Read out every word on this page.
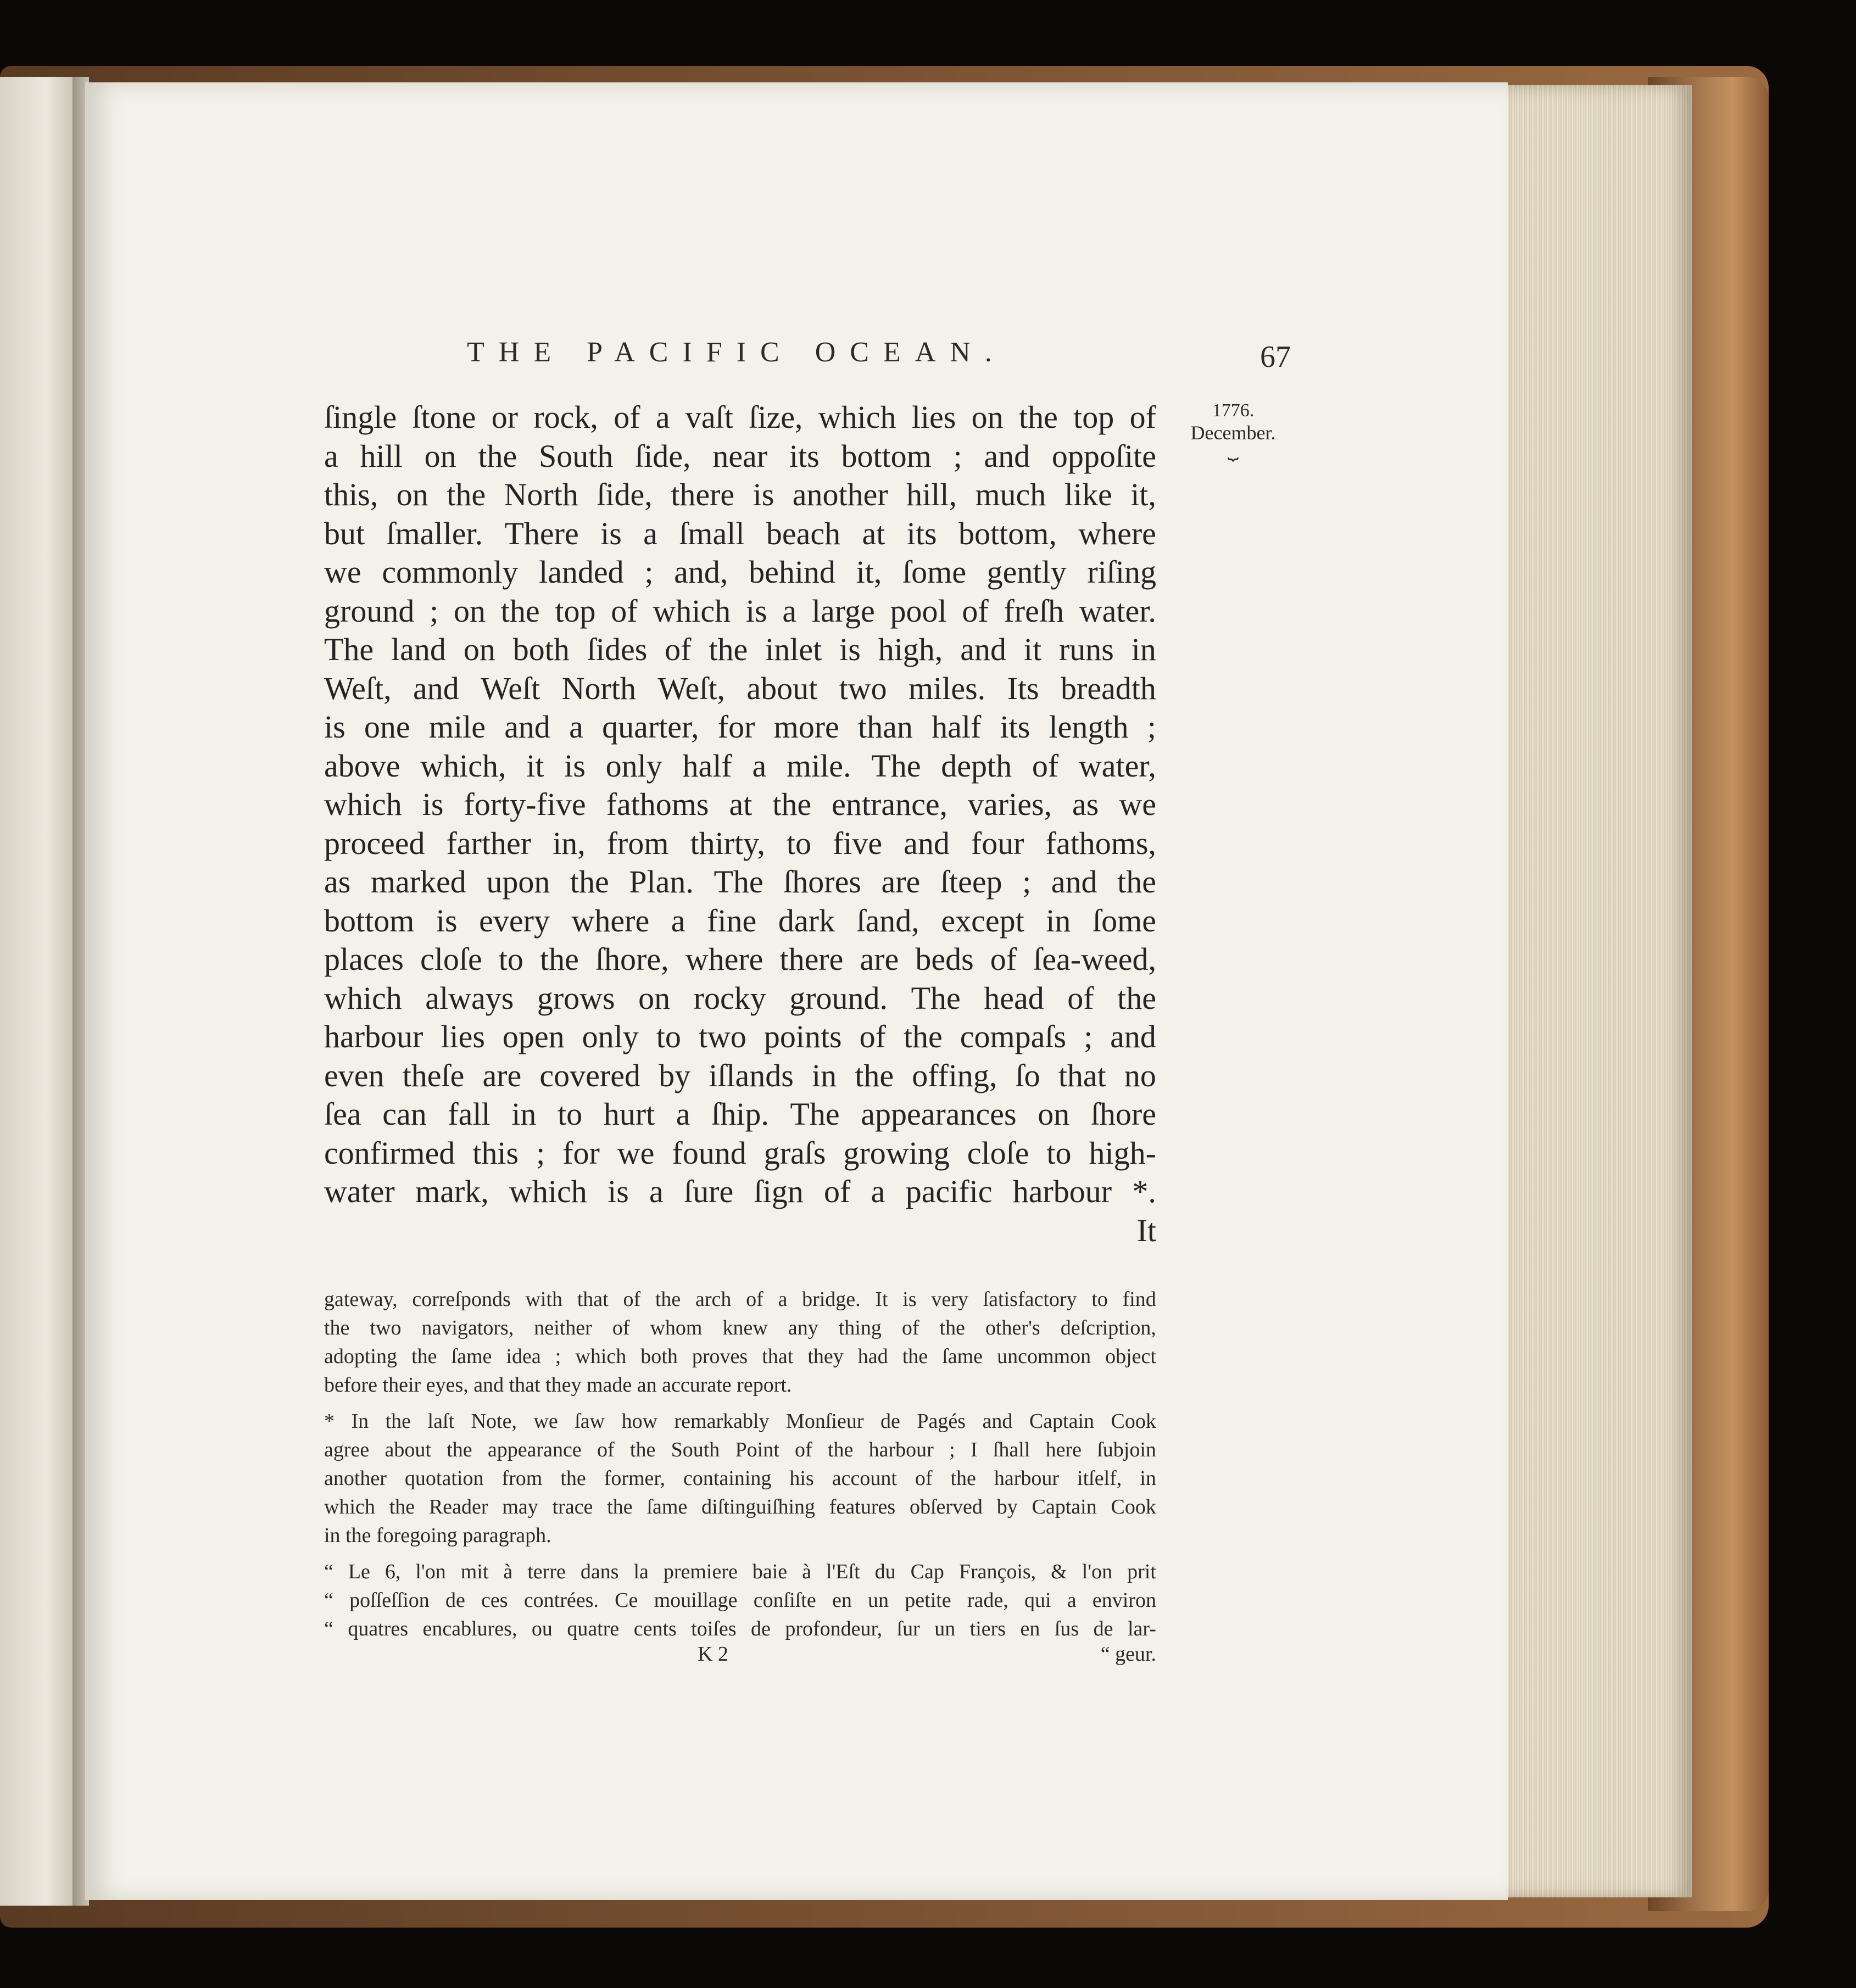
THE PACIFIC OCEAN.	67
1776.
December.
⏟
ſingle ſtone or rock, of a vaſt ſize, which lies on the top of
a hill on the South ſide, near its bottom ; and oppoſite
this, on the North ſide, there is another hill, much like it,
but ſmaller. There is a ſmall beach at its bottom, where
we commonly landed ; and, behind it, ſome gently riſing
ground ; on the top of which is a large pool of freſh water.
The land on both ſides of the inlet is high, and it runs in
Weſt, and Weſt North Weſt, about two miles. Its breadth
is one mile and a quarter, for more than half its length ;
above which, it is only half a mile. The depth of water,
which is forty-five fathoms at the entrance, varies, as we
proceed farther in, from thirty, to five and four fathoms,
as marked upon the Plan. The ſhores are ſteep ; and the
bottom is every where a fine dark ſand, except in ſome
places cloſe to the ſhore, where there are beds of ſea-weed,
which always grows on rocky ground. The head of the
harbour lies open only to two points of the compaſs ; and
even theſe are covered by iſlands in the offing, ſo that no
ſea can fall in to hurt a ſhip. The appearances on ſhore
confirmed this ; for we found graſs growing cloſe to high-
water mark, which is a ſure ſign of a pacific harbour *.
It
gateway, correſponds with that of the arch of a bridge. It is very ſatisfactory to find
the two navigators, neither of whom knew any thing of the other's deſcription,
adopting the ſame idea ; which both proves that they had the ſame uncommon object
before their eyes, and that they made an accurate report.
* In the laſt Note, we ſaw how remarkably Monſieur de Pagés and Captain Cook
agree about the appearance of the South Point of the harbour ; I ſhall here ſubjoin
another quotation from the former, containing his account of the harbour itſelf, in
which the Reader may trace the ſame diſtinguiſhing features obſerved by Captain Cook
in the foregoing paragraph.
“ Le 6, l'on mit à terre dans la premiere baie à l'Eſt du Cap François, & l'on prit
“ poſſeſſion de ces contrées. Ce mouillage conſiſte en un petite rade, qui a environ
“ quatres encablures, ou quatre cents toiſes de profondeur, ſur un tiers en ſus de lar-
K 2	“ geur.
